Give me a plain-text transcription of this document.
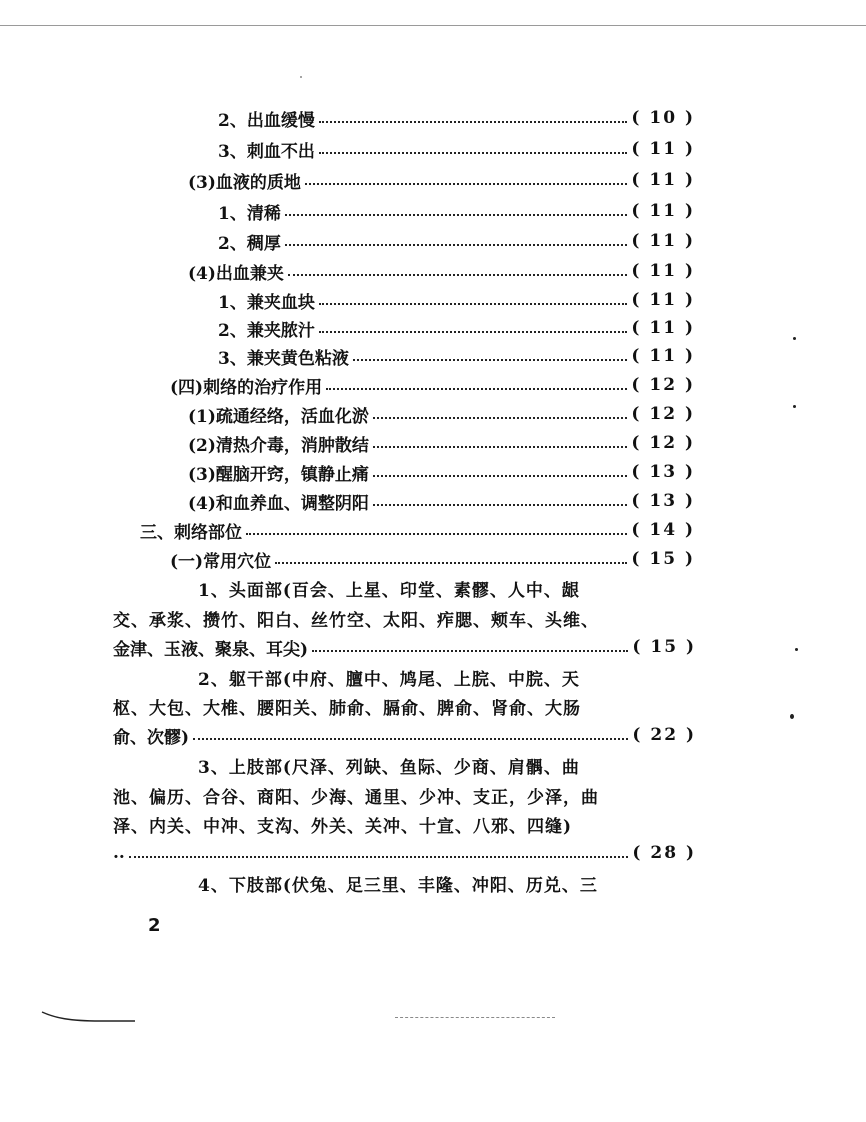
2、出血缓慢	( 10 )
3、刺血不出	( 11 )
(3)血液的质地	( 11 )
1、清稀	( 11 )
2、稠厚	( 11 )
(4)出血兼夹	( 11 )
1、兼夹血块	( 11 )
2、兼夹脓汁	( 11 )
3、兼夹黄色粘液	( 11 )
(四)刺络的治疗作用	( 12 )
(1)疏通经络，活血化淤	( 12 )
(2)清热介毒，消肿散结	( 12 )
(3)醒脑开窍，镇静止痛	( 13 )
(4)和血养血、调整阴阳	( 13 )
三、刺络部位	( 14 )
(一)常用穴位	( 15 )
1、头面部(百会、上星、印堂、素髎、人中、龈
交、承浆、攒竹、阳白、丝竹空、太阳、痄腮、颊车、头维、
金津、玉液、聚泉、耳尖)	( 15 )
2、躯干部(中府、膻中、鸠尾、上脘、中脘、天
枢、大包、大椎、腰阳关、肺俞、膈俞、脾俞、肾俞、大肠
俞、次髎)	( 22 )
3、上肢部(尺泽、列缺、鱼际、少商、肩髃、曲
池、偏历、合谷、商阳、少海、通里、少冲、支正，少泽，曲
泽、内关、中冲、支沟、外关、关冲、十宣、八邪、四缝)
..	( 28 )
4、下肢部(伏兔、足三里、丰隆、冲阳、历兑、三
2
